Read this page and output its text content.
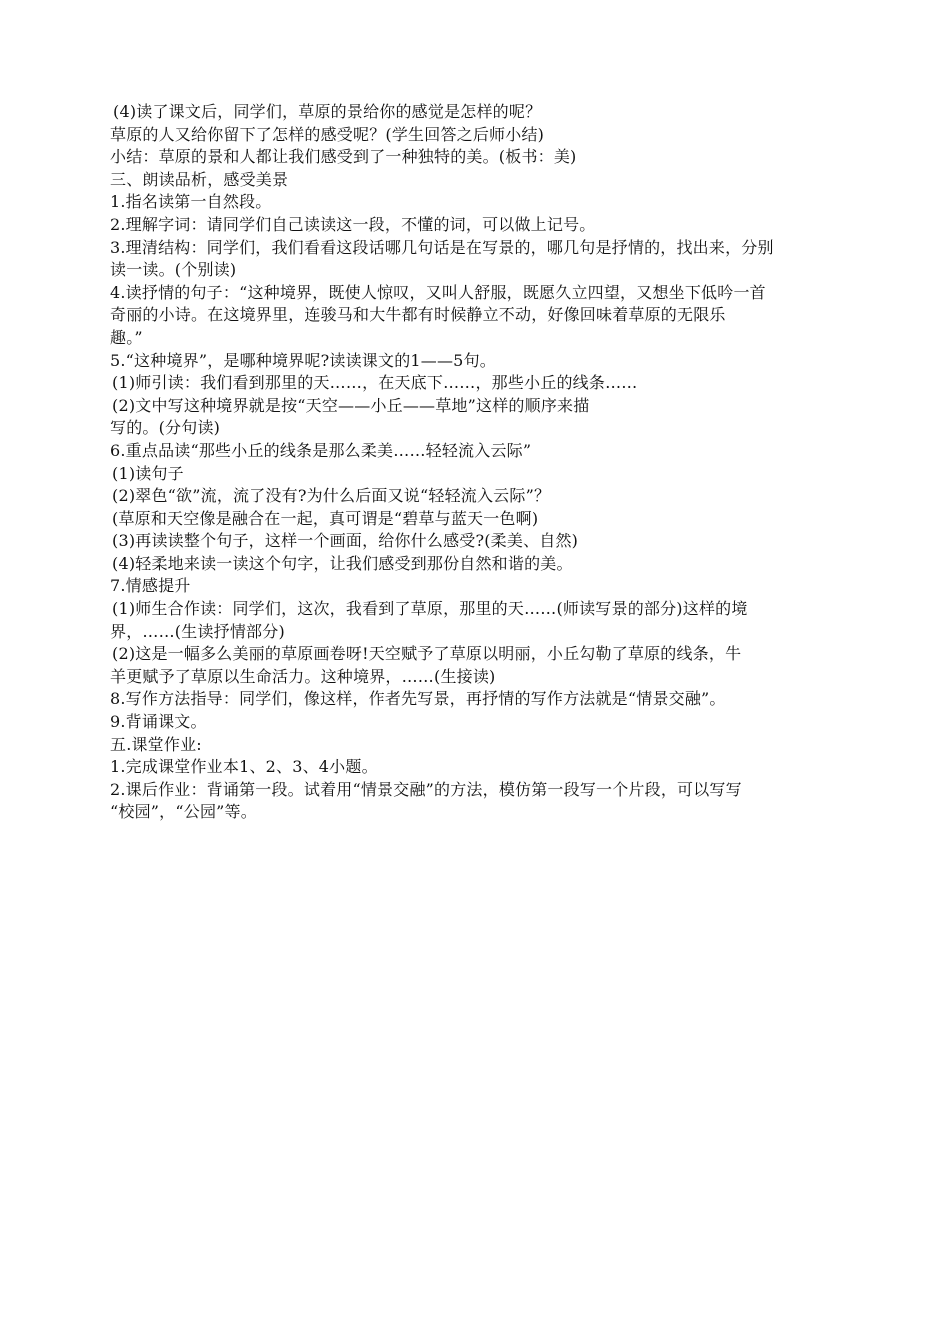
(4)读了课文后，同学们，草原的景给你的感觉是怎样的呢？

草原的人又给你留下了怎样的感受呢？(学生回答之后师小结)

小结：草原的景和人都让我们感受到了一种独特的美。(板书：美)

三、朗读品析，感受美景

1.指名读第一自然段。

2.理解字词：请同学们自己读读这一段，不懂的词，可以做上记号。

3.理清结构：同学们，我们看看这段话哪几句话是在写景的，哪几句是抒情的，找出来，分别

读一读。(个别读)

4.读抒情的句子：“这种境界，既使人惊叹，又叫人舒服，既愿久立四望，又想坐下低吟一首

奇丽的小诗。在这境界里，连骏马和大牛都有时候静立不动，好像回味着草原的无限乐

趣。”

5.“这种境界”，是哪种境界呢?读读课文的1——5句。

(1)师引读：我们看到那里的天……，在天底下……，那些小丘的线条……

(2)文中写这种境界就是按“天空——小丘——草地”这样的顺序来描

写的。(分句读)

6.重点品读“那些小丘的线条是那么柔美……轻轻流入云际”

(1)读句子

(2)翠色“欲”流，流了没有?为什么后面又说“轻轻流入云际”？

(草原和天空像是融合在一起，真可谓是“碧草与蓝天一色啊)

(3)再读读整个句子，这样一个画面，给你什么感受?(柔美、自然)

(4)轻柔地来读一读这个句字，让我们感受到那份自然和谐的美。

7.情感提升

(1)师生合作读：同学们，这次，我看到了草原，那里的天……(师读写景的部分)这样的境

界，……(生读抒情部分)

(2)这是一幅多么美丽的草原画卷呀!天空赋予了草原以明丽，小丘勾勒了草原的线条，牛

羊更赋予了草原以生命活力。这种境界，……(生接读)

8.写作方法指导：同学们，像这样，作者先写景，再抒情的写作方法就是“情景交融”。

9.背诵课文。

五.课堂作业:

1.完成课堂作业本1、2、3、4小题。

2.课后作业：背诵第一段。试着用“情景交融”的方法，模仿第一段写一个片段，可以写写

“校园”，“公园”等。
